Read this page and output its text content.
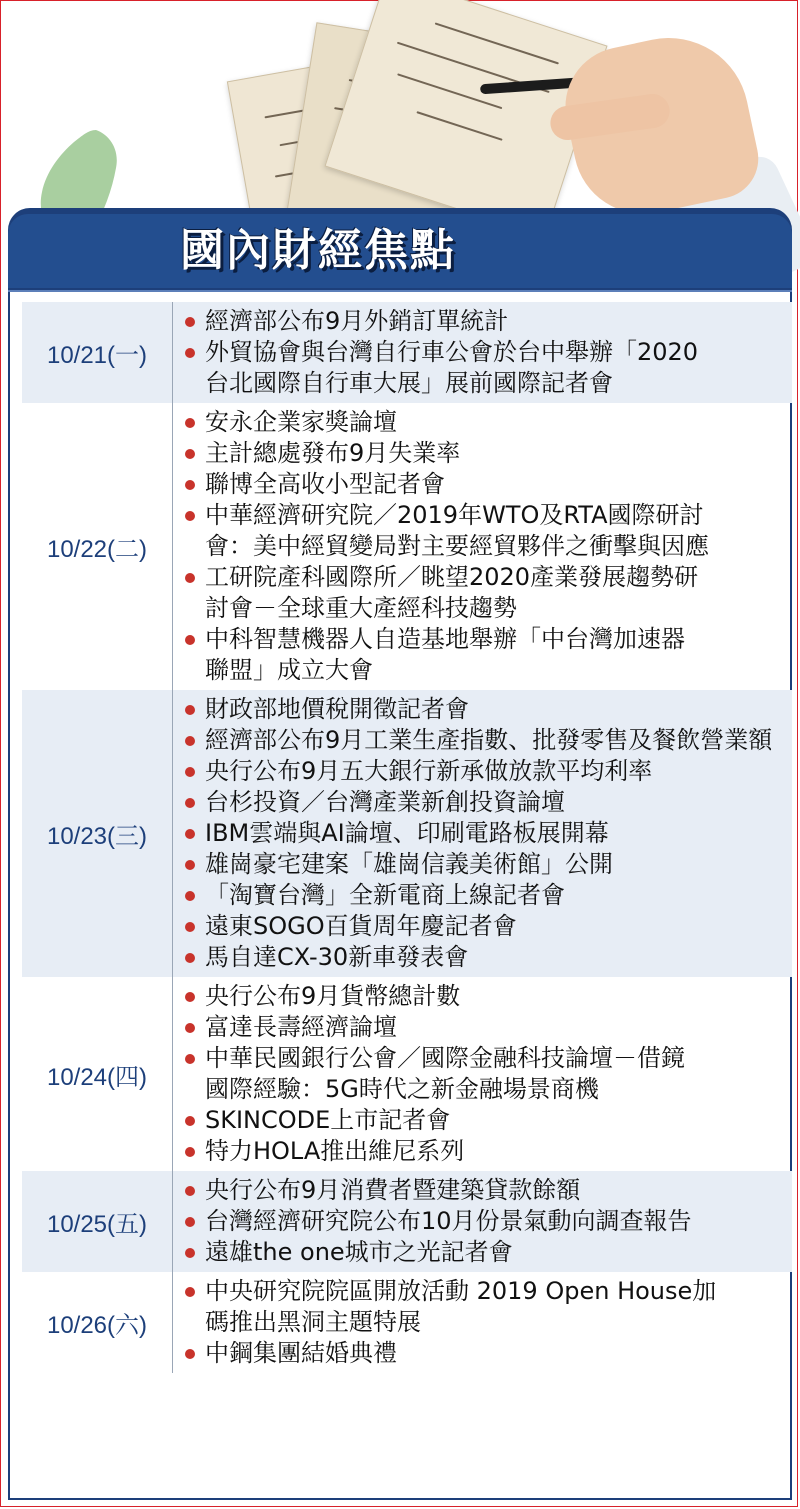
國內財經焦點
10/21(一)
經濟部公布9月外銷訂單統計
外貿協會與台灣自行車公會於台中舉辦「2020
台北國際自行車大展」展前國際記者會
10/22(二)
安永企業家獎論壇
主計總處發布9月失業率
聯博全高收小型記者會
中華經濟研究院／2019年WTO及RTA國際研討
會：美中經貿變局對主要經貿夥伴之衝擊與因應
工研院產科國際所／眺望2020產業發展趨勢研
討會－全球重大產經科技趨勢
中科智慧機器人自造基地舉辦「中台灣加速器
聯盟」成立大會
10/23(三)
財政部地價稅開徵記者會
經濟部公布9月工業生產指數、批發零售及餐飲營業額
央行公布9月五大銀行新承做放款平均利率
台杉投資／台灣產業新創投資論壇
IBM雲端與AI論壇、印刷電路板展開幕
雄崗豪宅建案「雄崗信義美術館」公開
「淘寶台灣」全新電商上線記者會
遠東SOGO百貨周年慶記者會
馬自達CX-30新車發表會
10/24(四)
央行公布9月貨幣總計數
富達長壽經濟論壇
中華民國銀行公會／國際金融科技論壇－借鏡
國際經驗：5G時代之新金融場景商機
SKINCODE上市記者會
特力HOLA推出維尼系列
10/25(五)
央行公布9月消費者暨建築貸款餘額
台灣經濟研究院公布10月份景氣動向調查報告
遠雄the one城市之光記者會
10/26(六)
中央研究院院區開放活動 2019 Open House加
碼推出黑洞主題特展
中鋼集團結婚典禮
